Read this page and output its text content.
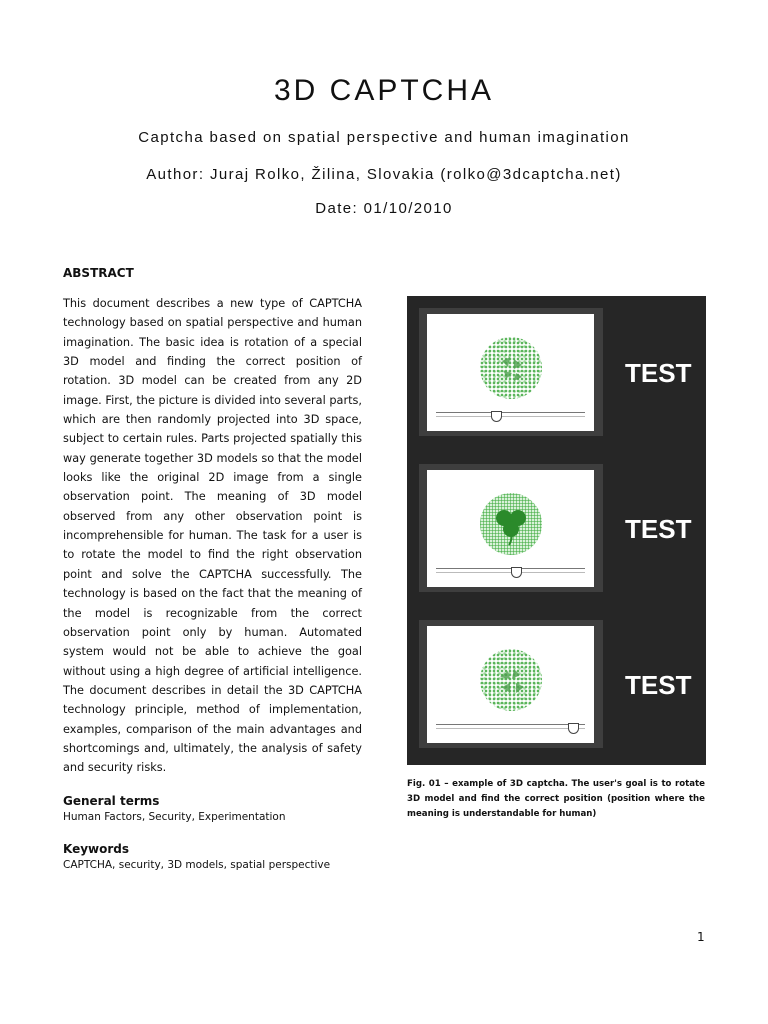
3D CAPTCHA
Captcha based on spatial perspective and human imagination
Author: Juraj Rolko, Žilina, Slovakia (rolko@3dcaptcha.net)
Date: 01/10/2010

ABSTRACT

This document describes a new type of CAPTCHA technology based on spatial perspective and human imagination. The basic idea is rotation of a special 3D model and finding the correct position of rotation. 3D model can be created from any 2D image. First, the picture is divided into several parts, which are then randomly projected into 3D space, subject to certain rules. Parts projected spatially this way generate together 3D models so that the model looks like the original 2D image from a single observation point. The meaning of 3D model observed from any other observation point is incomprehensible for human. The task for a user is to rotate the model to find the right observation point and solve the CAPTCHA successfully. The technology is based on the fact that the meaning of the model is recognizable from the correct observation point only by human. Automated system would not be able to achieve the goal without using a high degree of artificial intelligence. The document describes in detail the 3D CAPTCHA technology principle, method of implementation, examples, comparison of the main advantages and shortcomings and, ultimately, the analysis of safety and security risks.

General terms

Human Factors, Security, Experimentation

Keywords

CAPTCHA, security, 3D models, spatial perspective

TEST
TEST
TEST
Fig. 01 – example of 3D captcha. The user's goal is to rotate 3D model and find the correct position (position where the meaning is understandable for human)
1
